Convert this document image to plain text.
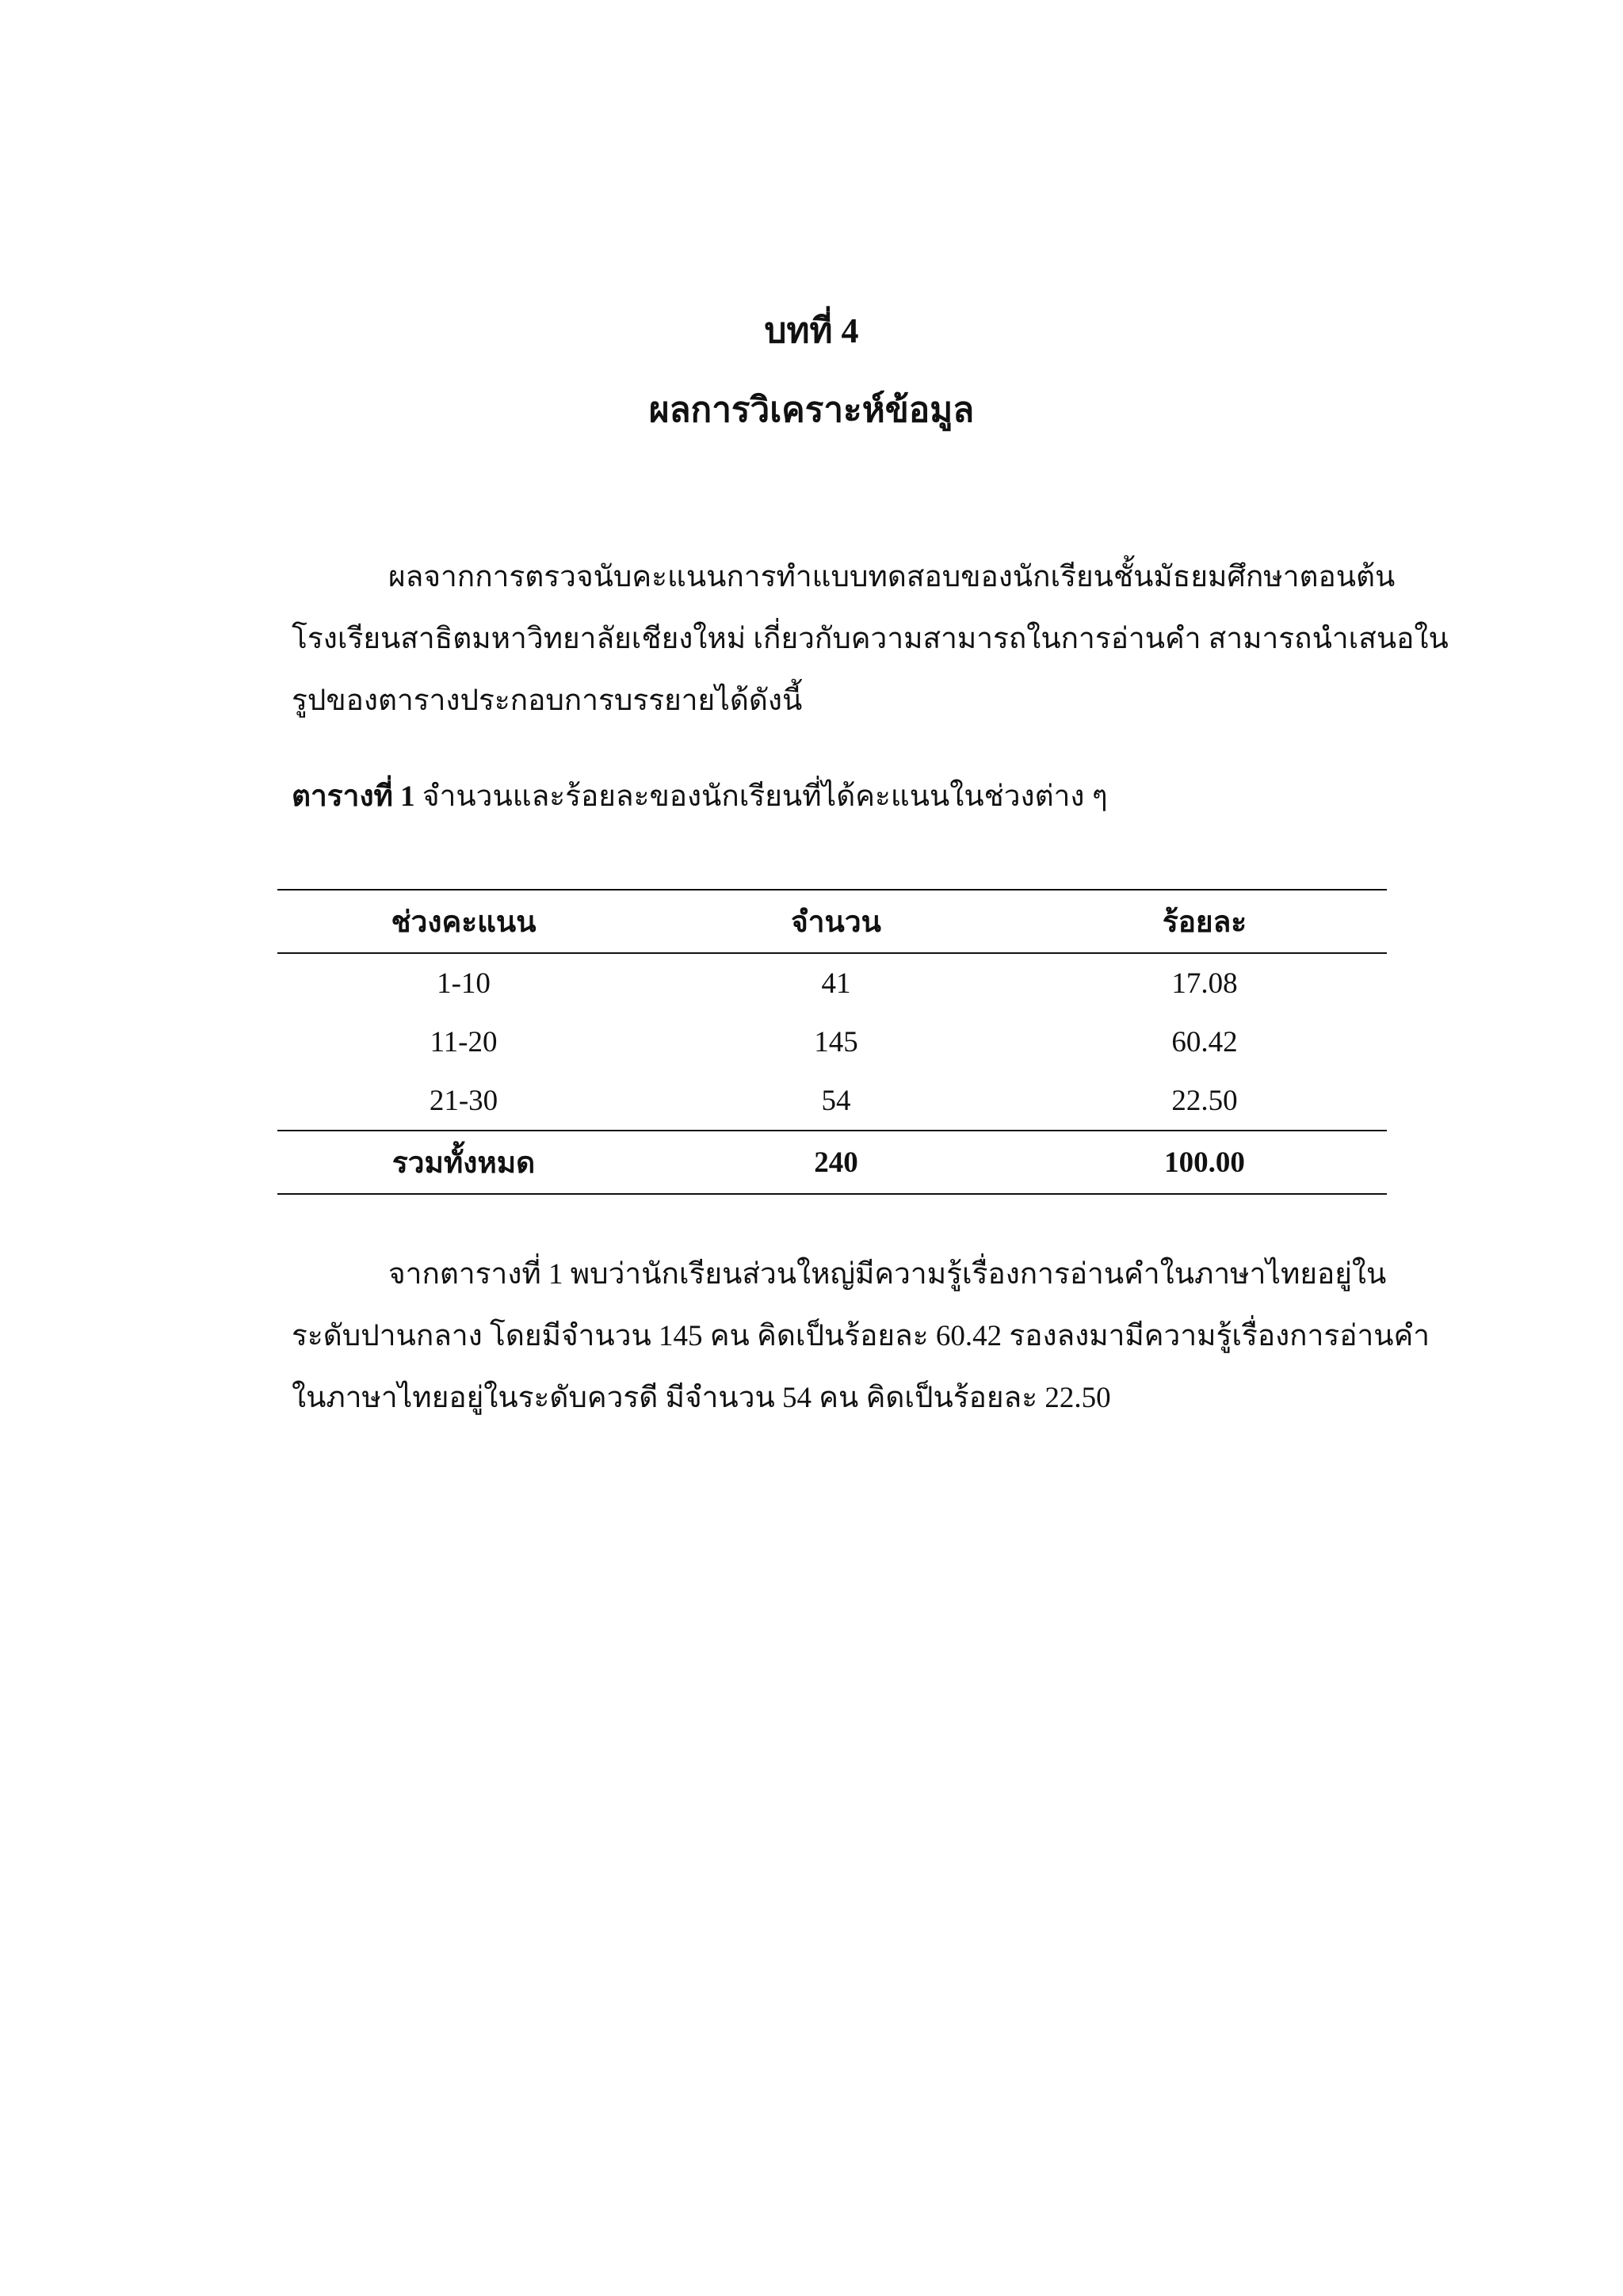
บทที่ 4
ผลการวิเคราะห์ข้อมูล

ผลจากการตรวจนับคะแนนการทำแบบทดสอบของนักเรียนชั้นมัธยมศึกษาตอนต้น
โรงเรียนสาธิตมหาวิทยาลัยเชียงใหม่ เกี่ยวกับความสามารถในการอ่านคำ สามารถนำเสนอใน
รูปของตารางประกอบการบรรยายได้ดังนี้

ตารางที่ 1 จำนวนและร้อยละของนักเรียนที่ได้คะแนนในช่วงต่าง ๆ
ช่วงคะแนน	จำนวน	ร้อยละ
1-10	41	17.08
11-20	145	60.42
21-30	54	22.50
รวมทั้งหมด	240	100.00

จากตารางที่ 1 พบว่านักเรียนส่วนใหญ่มีความรู้เรื่องการอ่านคำในภาษาไทยอยู่ใน
ระดับปานกลาง โดยมีจำนวน 145 คน คิดเป็นร้อยละ 60.42 รองลงมามีความรู้เรื่องการอ่านคำ
ในภาษาไทยอยู่ในระดับควรดี มีจำนวน 54 คน คิดเป็นร้อยละ 22.50
